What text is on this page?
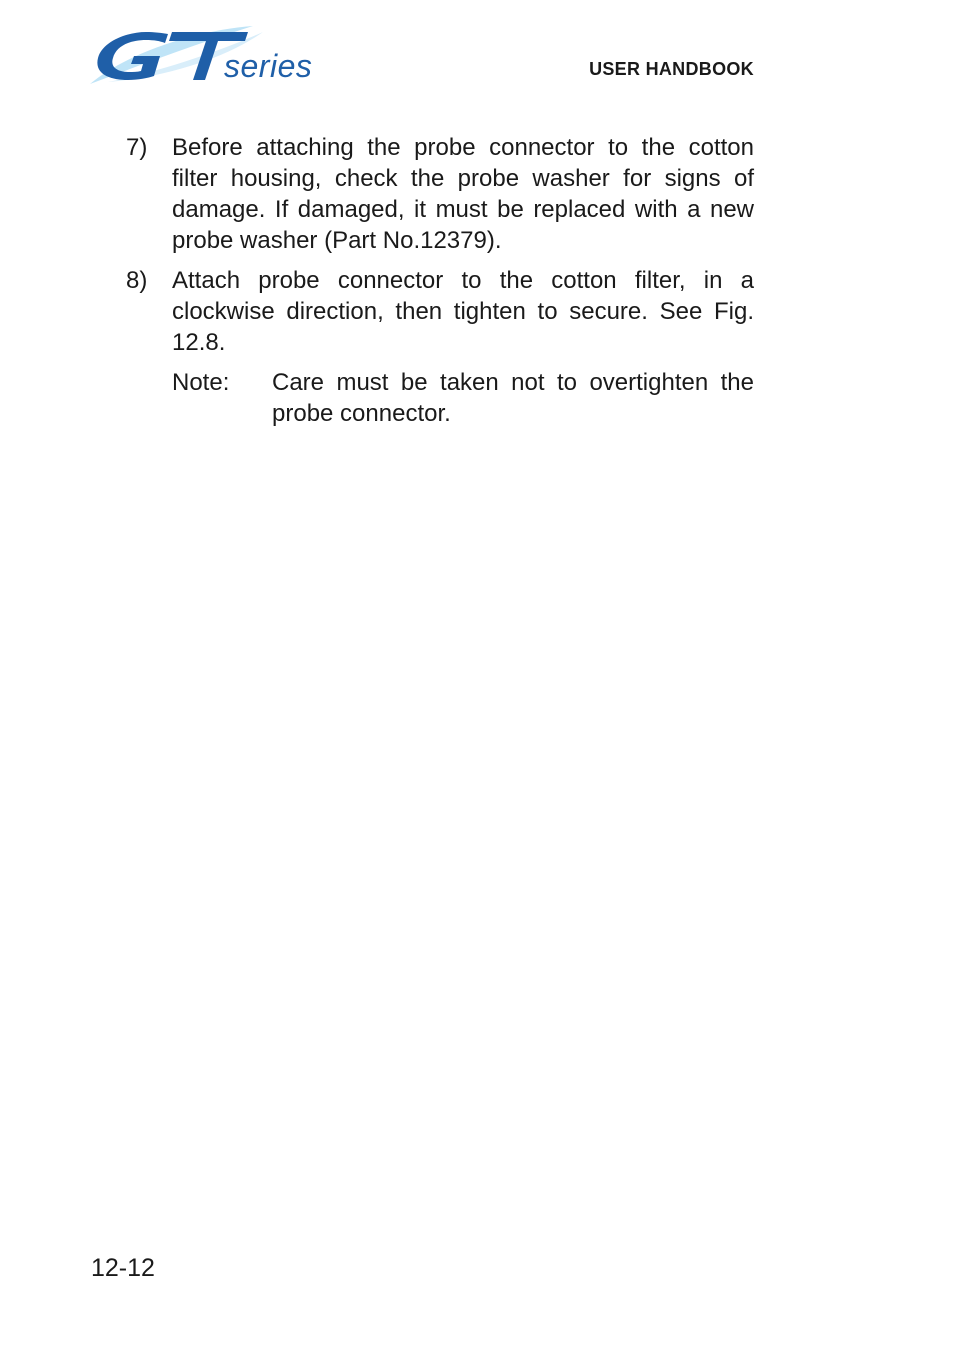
series	USER HANDBOOK
7)	Before attaching the probe connector to the cotton filter housing, check the probe washer for signs of damage. If damaged, it must be replaced with a new probe washer (Part No.12379).
8)	Attach probe connector to the cotton filter, in a clockwise direction, then tighten to secure. See Fig. 12.8.
Note:	Care must be taken not to overtighten the probe connector.
12-12
